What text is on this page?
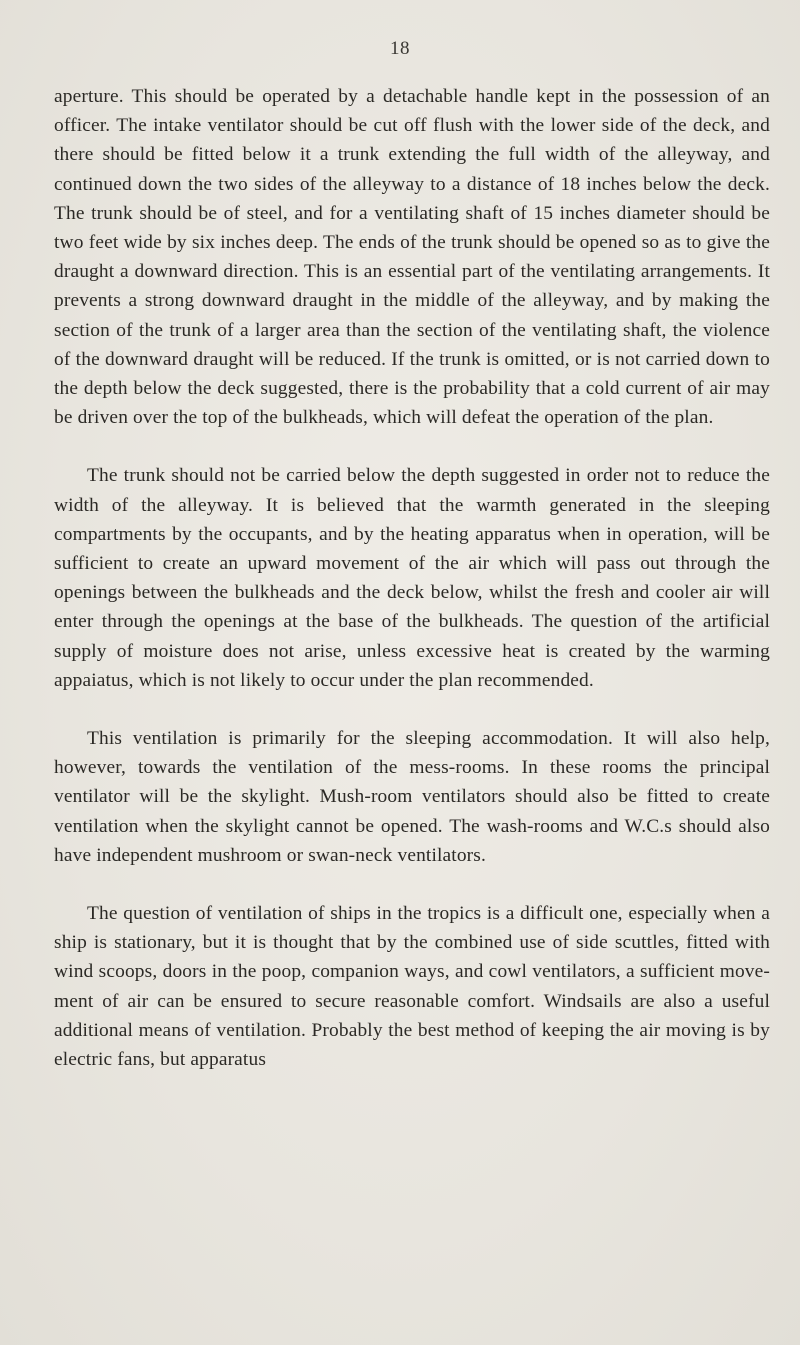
18

aperture. This should be operated by a detachable handle kept in the possession of an officer. The intake ventilator should be cut off flush with the lower side of the deck, and there should be fitted below it a trunk extending the full width of the alleyway, and continued down the two sides of the alleyway to a distance of 18 inches below the deck. The trunk should be of steel, and for a ventilating shaft of 15 inches diameter should be two feet wide by six inches deep. The ends of the trunk should be opened so as to give the draught a downward direction. This is an essential part of the ventilating arrangements. It prevents a strong downward draught in the middle of the alleyway, and by making the section of the trunk of a larger area than the section of the ventilating shaft, the violence of the downward draught will be reduced. If the trunk is omitted, or is not carried down to the depth below the deck suggested, there is the probability that a cold current of air may be driven over the top of the bulkheads, which will defeat the operation of the plan.

The trunk should not be carried below the depth suggested in order not to reduce the width of the alleyway. It is believed that the warmth generated in the sleeping compartments by the occupants, and by the heating apparatus when in operation, will be sufficient to create an upward movement of the air which will pass out through the openings between the bulkheads and the deck below, whilst the fresh and cooler air will enter through the openings at the base of the bulkheads. The question of the artificial supply of moisture does not arise, unless excessive heat is created by the warming appaiatus, which is not likely to occur under the plan recommended.

This ventilation is primarily for the sleeping accommodation. It will also help, however, towards the ventilation of the mess-rooms. In these rooms the principal ventilator will be the skylight. Mush-room ventilators should also be fitted to create ventilation when the skylight cannot be opened. The wash-rooms and W.C.s should also have independent mushroom or swan-neck ventilators.

The question of ventilation of ships in the tropics is a difficult one, especially when a ship is stationary, but it is thought that by the combined use of side scuttles, fitted with wind scoops, doors in the poop, companion ways, and cowl ventilators, a sufficient move-ment of air can be ensured to secure reasonable comfort. Windsails are also a useful additional means of ventilation. Probably the best method of keeping the air moving is by electric fans, but apparatus
